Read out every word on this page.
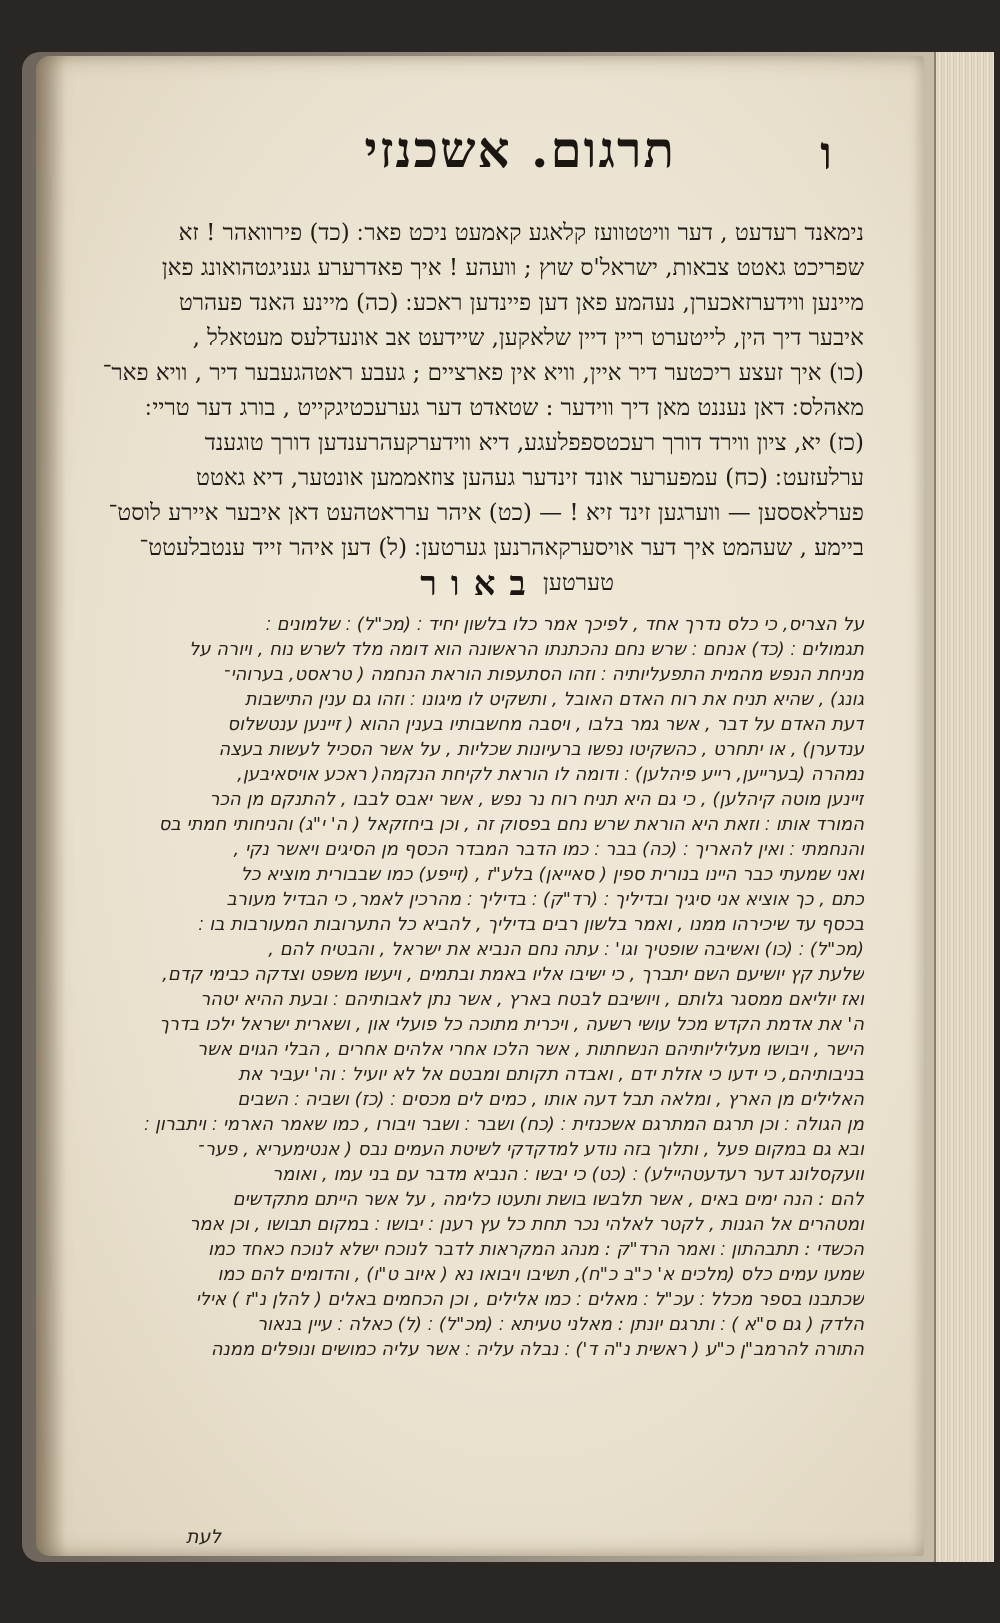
ו
תרגום. אשכנזי
נימאנד רעדעט , דער וויטטוועז קלאגע קאמעט ניכט פאר ׃ (כד) פירוואהר ! זא
שפריכט גאטט צבאות, ישראל'ס שוץ ; וועהע ! איך פאדרערע געניגטהואונג פאן
מיינען ווידערזאכערן, נעהמע פאן דען פיינדען ראכע ׃ (כה) מיינע האנד פעהרט
איבער דיך הין, לייטערט ריין דיין שלאקען, שיידעט אב אונעדלעס מעטאלל ,
(כו) איך זעצע ריכטער דיר איין, וויא אין פארציים ; געבע ראטהגעבער דיר , וויא פאר־
מאהלס ׃ דאן נעננט מאן דיך ווידער : שטאדט דער גערעכטיגקייט , בורג דער טריי ׃
(כז) יא, ציון ווירד דורך רעכטספפלעגע, דיא ווידערקעהרענדען דורך טוגענד
ערלעזעט ׃ (כח) עמפערער אונד זינדער געהען צוזאממען אונטער, דיא גאטט
פערלאססען — ווערגען זינד זיא ! — (כט) איהר ערראטהעט דאן איבער איירע לוסט־
ביימע , שעהמט איך דער אויסערקאהרנען גערטען ׃ (ל) דען איהר זייד ענטבלעטט־
טערטען
באור
על הצריס, כי כלס נדרך אחד , לפיכך אמר כלו בלשון יחיד ׃ (מכ"ל) ׃ שלמונים ׃
תגמולים ׃ (כד) אנחם ׃ שרש נחם נהכתנתו הראשונה הוא דומה מלד לשרש נוח , ויורה על
מניחת הנפש מהמית התפעליותיה ׃ וזהו הסתעפות הוראת הנחמה ( טראסט, בערוהי־
גונג) , שהיא תניח את רוח האדם האובל , ותשקיט לו מיגונו ׃ וזהו גם ענין התישבות
דעת האדם על דבר , אשר גמר בלבו , ויסבה מחשבותיו בענין ההוא ( זיינען ענטשלוס
ענדערן) , או יתחרט , כהשקיטו נפשו ברעיונות שכליות , על אשר הסכיל לעשות בעצה
נמהרה (בערייען, רייע פיהלען) ׃ ודומה לו הוראת לקיחת הנקמה( ראכע אויסאיבען,
זיינען מוטה קיהלען) , כי גם היא תניח רוח נר נפש , אשר יאבס לבבו , להתנקם מן הכר
המורד אותו ׃ וזאת היא הוראת שרש נחם בפסוק זה , וכן ביחזקאל ( ה' י"ג) והניחותי חמתי בס
והנחמתי ׃ ואין להאריך ׃ (כה) בבר ׃ כמו הדבר המבדר הכסף מן הסיגים ויאשר נקי ,
ואני שמעתי כבר היינו בנורית ספין ( סאייאן) בלע"ז , (זייפע) כמו שבבורית מוציא כל
כתם , כך אוציא אני סיגיך ובדיליך ׃ (רד"ק) ׃ בדיליך ׃ מהרכין לאמר, כי הבדיל מעורב
בכסף עד שיכירהו ממנו , ואמר בלשון רבים בדיליך , להביא כל התערובות המעורבות בו ׃
(מכ"ל) ׃ (כו) ואשיבה שופטיך וגו' ׃ עתה נחם הנביא את ישראל , והבטיח להם ,
שלעת קץ יושיעם השם יתברך , כי ישיבו אליו באמת ובתמים , ויעשו משפט וצדקה כבימי קדם,
ואז יוליאם ממסגר גלותם , ויושיבם לבטח בארץ , אשר נתן לאבותיהם ׃ ובעת ההיא יטהר
ה' את אדמת הקדש מכל עושי רשעה , ויכרית מתוכה כל פועלי און , ושארית ישראל ילכו בדרך
הישר , ויבושו מעליליותיהם הנשחתות , אשר הלכו אחרי אלהים אחרים , הבלי הגוים אשר
בניבותיהם, כי ידעו כי אזלת ידם , ואבדה תקותם ומבטם אל לא יועיל ׃ וה' יעביר את
האלילים מן הארץ , ומלאה תבל דעה אותו , כמים לים מכסים ׃ (כז) ושביה ׃ השבים
מן הגולה ׃ וכן תרגם המתרגם אשכנזית ׃ (כח) ושבר ׃ ושבר ויבורו , כמו שאמר הארמי ׃ ויתברון ׃
ובא גם במקום פעל , ותלוך בזה נודע למדקדקי לשיטת העמים נבס ( אנטימעריא , פער־
וועקסלונג דער רעדעטהיילע) ׃ (כט) כי יבשו ׃ הנביא מדבר עם בני עמו , ואומר
להם : הנה ימים באים , אשר תלבשו בושת ותעטו כלימה , על אשר הייתם מתקדשים
ומטהרים אל הגנות , לקטר לאלהי נכר תחת כל עץ רענן ׃ יבושו ׃ במקום תבושו , וכן אמר
הכשדי : תתבהתון ׃ ואמר הרד"ק : מנהג המקראות לדבר לנוכח ישלא לנוכח כאחד כמו
שמעו עמים כלס (מלכים א' כ"ב כ"ח), תשיבו ויבואו נא ( איוב ט"ו) , והדומים להם כמו
שכתבנו בספר מכלל ׃ עכ"ל ׃ מאלים ׃ כמו אלילים , וכן הכחמים באלים ( להלן נ"ז ) אילי
הלדק ( גם ס"א ) ׃ ותרגם יונתן : מאלני טעיתא ׃ (מכ"ל) ׃ (ל) כאלה ׃ עיין בנאור
התורה להרמב"ן כ"ע ( ראשית נ"ה ד') ׃ נבלה עליה ׃ אשר עליה כמושים ונופלים ממנה
לעת
